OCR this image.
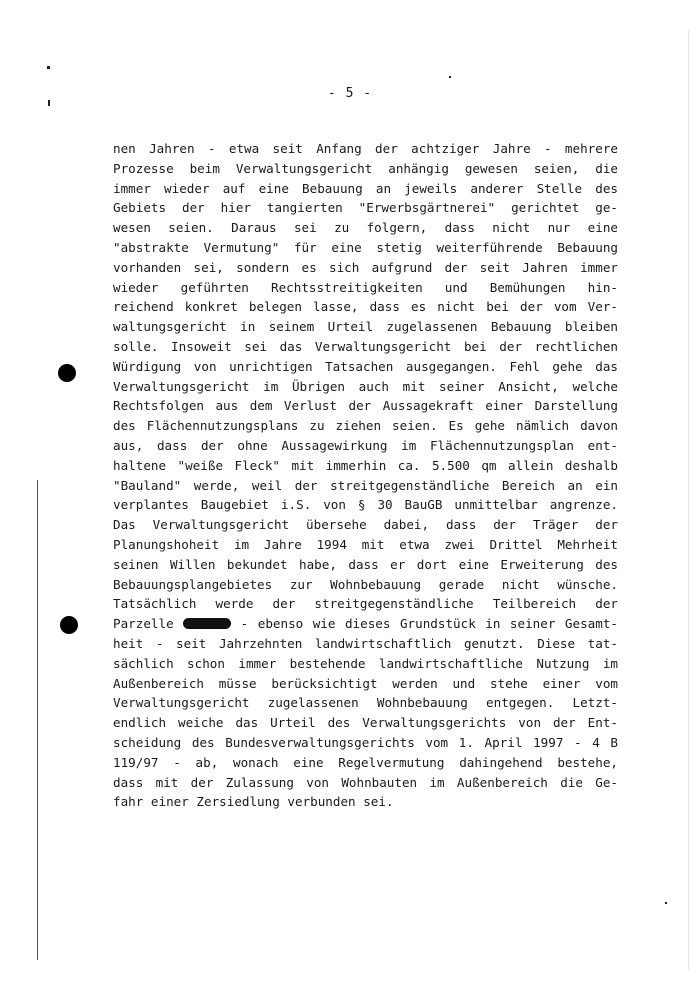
- 5 -
nen Jahren - etwa seit Anfang der achtziger Jahre - mehrere
Prozesse beim Verwaltungsgericht anhängig gewesen seien, die
immer wieder auf eine Bebauung an jeweils anderer Stelle des
Gebiets der hier tangierten "Erwerbsgärtnerei" gerichtet ge-
wesen seien. Daraus sei zu folgern, dass nicht nur eine
"abstrakte Vermutung" für eine stetig weiterführende Bebauung
vorhanden sei, sondern es sich aufgrund der seit Jahren immer
wieder geführten Rechtsstreitigkeiten und Bemühungen hin-
reichend konkret belegen lasse, dass es nicht bei der vom Ver-
waltungsgericht in seinem Urteil zugelassenen Bebauung bleiben
solle. Insoweit sei das Verwaltungsgericht bei der rechtlichen
Würdigung von unrichtigen Tatsachen ausgegangen. Fehl gehe das
Verwaltungsgericht im Übrigen auch mit seiner Ansicht, welche
Rechtsfolgen aus dem Verlust der Aussagekraft einer Darstellung
des Flächennutzungsplans zu ziehen seien. Es gehe nämlich davon
aus, dass der ohne Aussagewirkung im Flächennutzungsplan ent-
haltene "weiße Fleck" mit immerhin ca. 5.500 qm allein deshalb
"Bauland" werde, weil der streitgegenständliche Bereich an ein
verplantes Baugebiet i.S. von § 30 BauGB unmittelbar angrenze.
Das Verwaltungsgericht übersehe dabei, dass der Träger der
Planungshoheit im Jahre 1994 mit etwa zwei Drittel Mehrheit
seinen Willen bekundet habe, dass er dort eine Erweiterung des
Bebauungsplangebietes zur Wohnbebauung gerade nicht wünsche.
Tatsächlich werde der streitgegenständliche Teilbereich der
Parzelle	- ebenso wie dieses Grundstück in seiner Gesamt-
heit - seit Jahrzehnten landwirtschaftlich genutzt. Diese tat-
sächlich schon immer bestehende landwirtschaftliche Nutzung im
Außenbereich müsse berücksichtigt werden und stehe einer vom
Verwaltungsgericht zugelassenen Wohnbebauung entgegen. Letzt-
endlich weiche das Urteil des Verwaltungsgerichts von der Ent-
scheidung des Bundesverwaltungsgerichts vom 1. April 1997 - 4 B
119/97 - ab, wonach eine Regelvermutung dahingehend bestehe,
dass mit der Zulassung von Wohnbauten im Außenbereich die Ge-
fahr einer Zersiedlung verbunden sei.
